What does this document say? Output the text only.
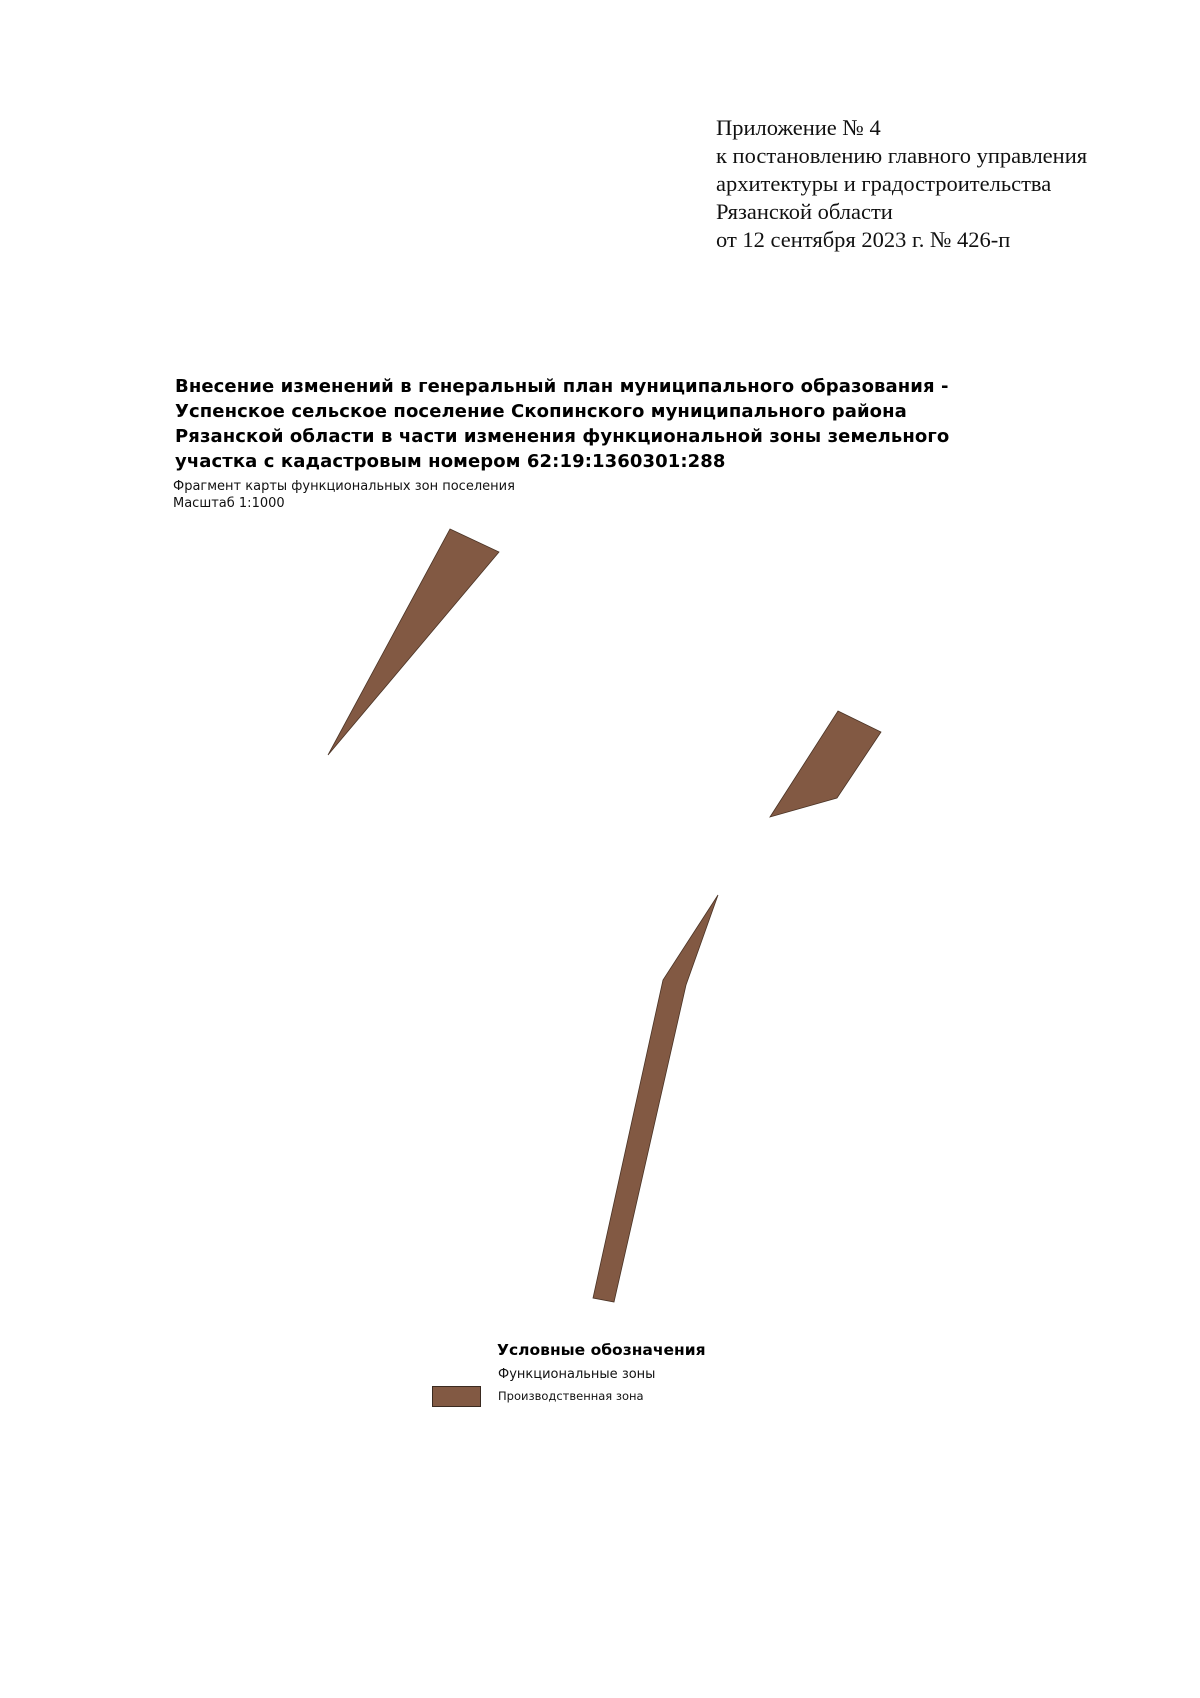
Приложение № 4
к постановлению главного управления
архитектуры и градостроительства
Рязанской области
от 12 сентября 2023 г. № 426-п
Внесение изменений в генеральный план муниципального образования -
Успенское сельское поселение Скопинского муниципального района
Рязанской области в части изменения функциональной зоны земельного
участка с кадастровым номером 62:19:1360301:288
Фрагмент карты функциональных зон поселения
Масштаб 1:1000
Условные обозначения
Функциональные зоны
Производственная зона
